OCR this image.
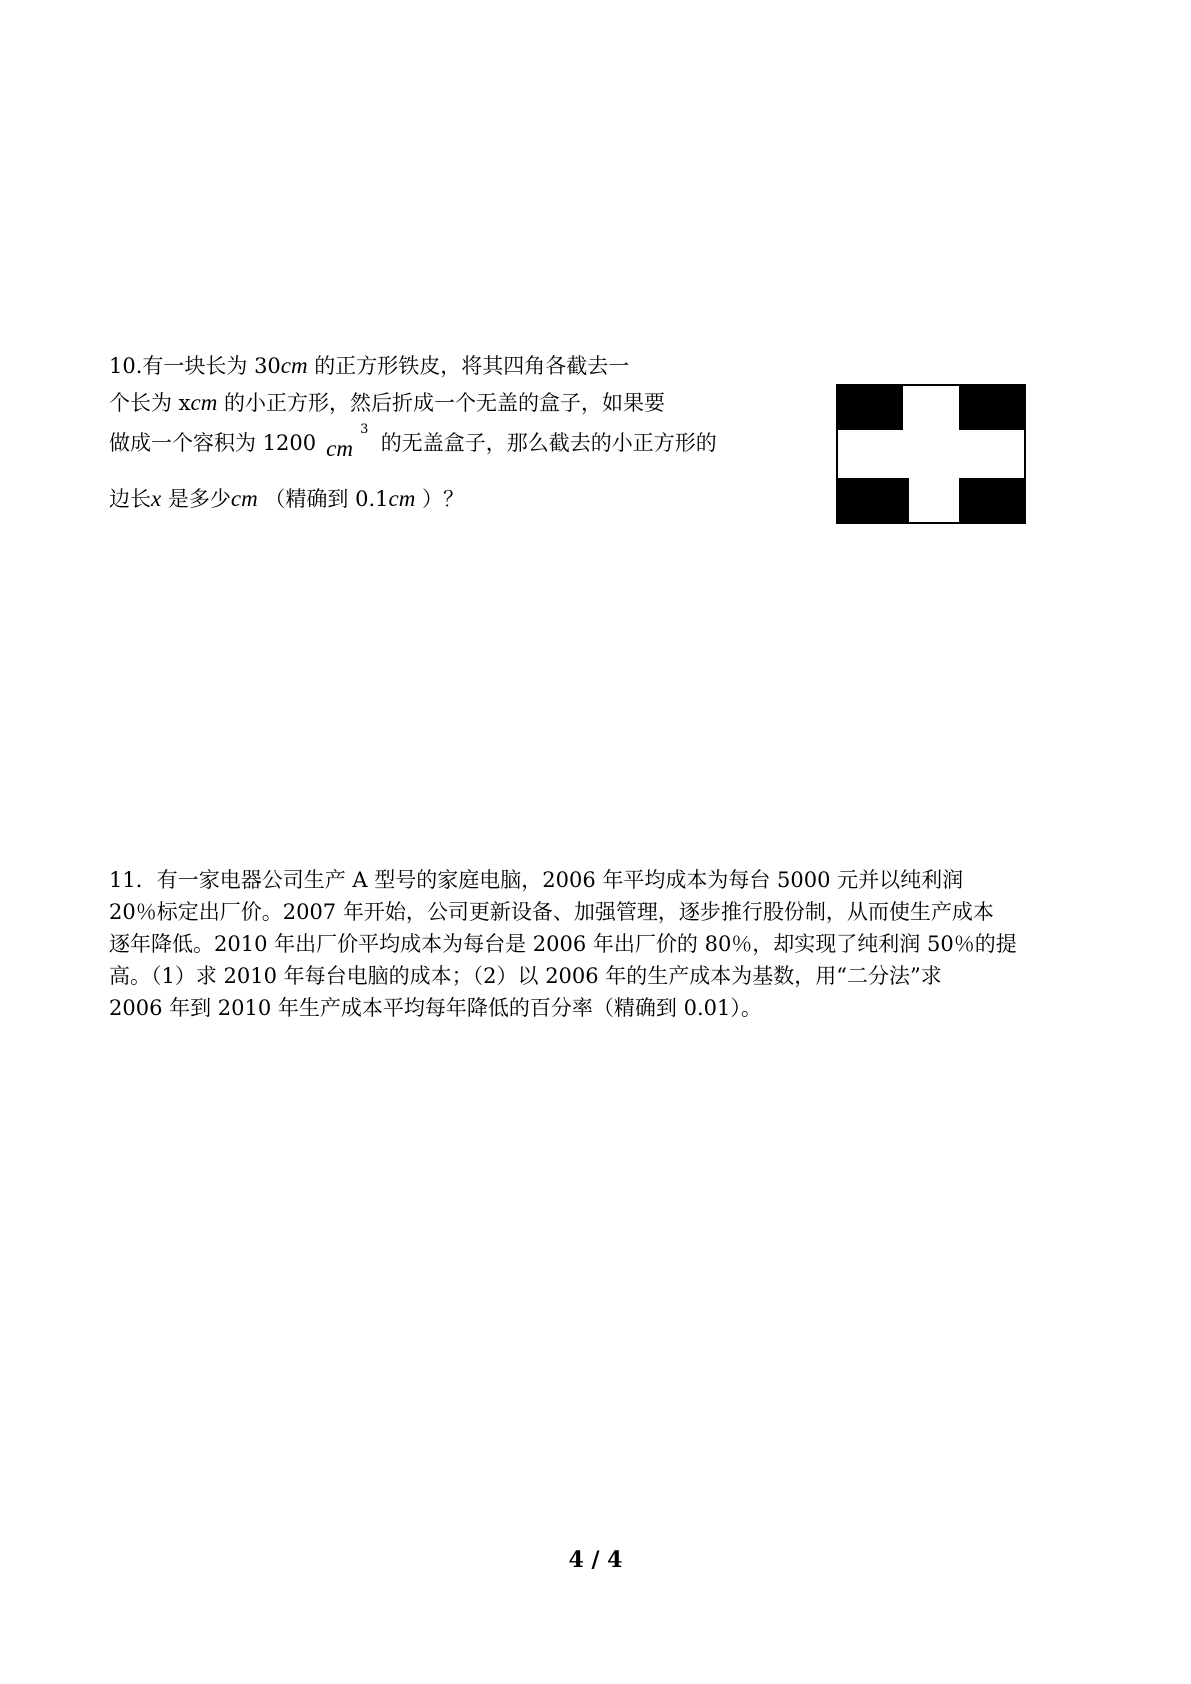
10.有一块长为 30cm 的正方形铁皮，将其四角各截去一
个长为 xcm 的小正方形，然后折成一个无盖的盒子，如果要
做成一个容积为 1200 cm
3
的无盖盒子，那么截去的小正方形的
边长x 是多少cm （精确到 0.1cm ）？
11．有一家电器公司生产 A 型号的家庭电脑，2006 年平均成本为每台 5000 元并以纯利润
20％标定出厂价。2007 年开始，公司更新设备、加强管理，逐步推行股份制，从而使生产成本
逐年降低。2010 年出厂价平均成本为每台是 2006 年出厂价的 80％，却实现了纯利润 50％的提
高。（1）求 2010 年每台电脑的成本；（2）以 2006 年的生产成本为基数，用“二分法”求
2006 年到 2010 年生产成本平均每年降低的百分率（精确到 0.01）。
4 / 4
